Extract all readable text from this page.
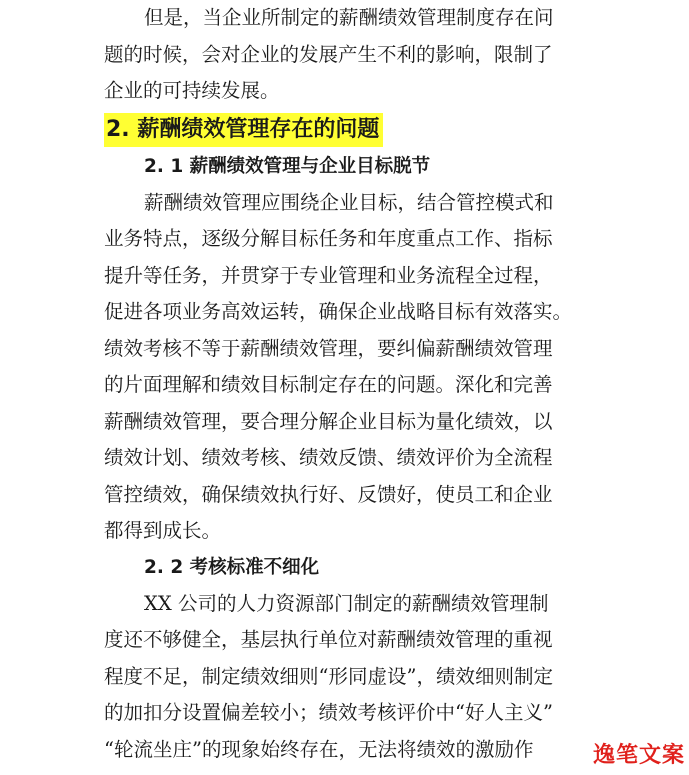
但是，当企业所制定的薪酬绩效管理制度存在问
题的时候，会对企业的发展产生不利的影响，限制了
企业的可持续发展。
2. 薪酬绩效管理存在的问题
2. 1 薪酬绩效管理与企业目标脱节
薪酬绩效管理应围绕企业目标，结合管控模式和
业务特点，逐级分解目标任务和年度重点工作、指标
提升等任务，并贯穿于专业管理和业务流程全过程，
促进各项业务高效运转，确保企业战略目标有效落实。
绩效考核不等于薪酬绩效管理，要纠偏薪酬绩效管理
的片面理解和绩效目标制定存在的问题。深化和完善
薪酬绩效管理，要合理分解企业目标为量化绩效，以
绩效计划、绩效考核、绩效反馈、绩效评价为全流程
管控绩效，确保绩效执行好、反馈好，使员工和企业
都得到成长。
2. 2 考核标准不细化
XX 公司的人力资源部门制定的薪酬绩效管理制
度还不够健全，基层执行单位对薪酬绩效管理的重视
程度不足，制定绩效细则“形同虚设”，绩效细则制定
的加扣分设置偏差较小；绩效考核评价中“好人主义”
“轮流坐庄”的现象始终存在，无法将绩效的激励作	逸笔文案
